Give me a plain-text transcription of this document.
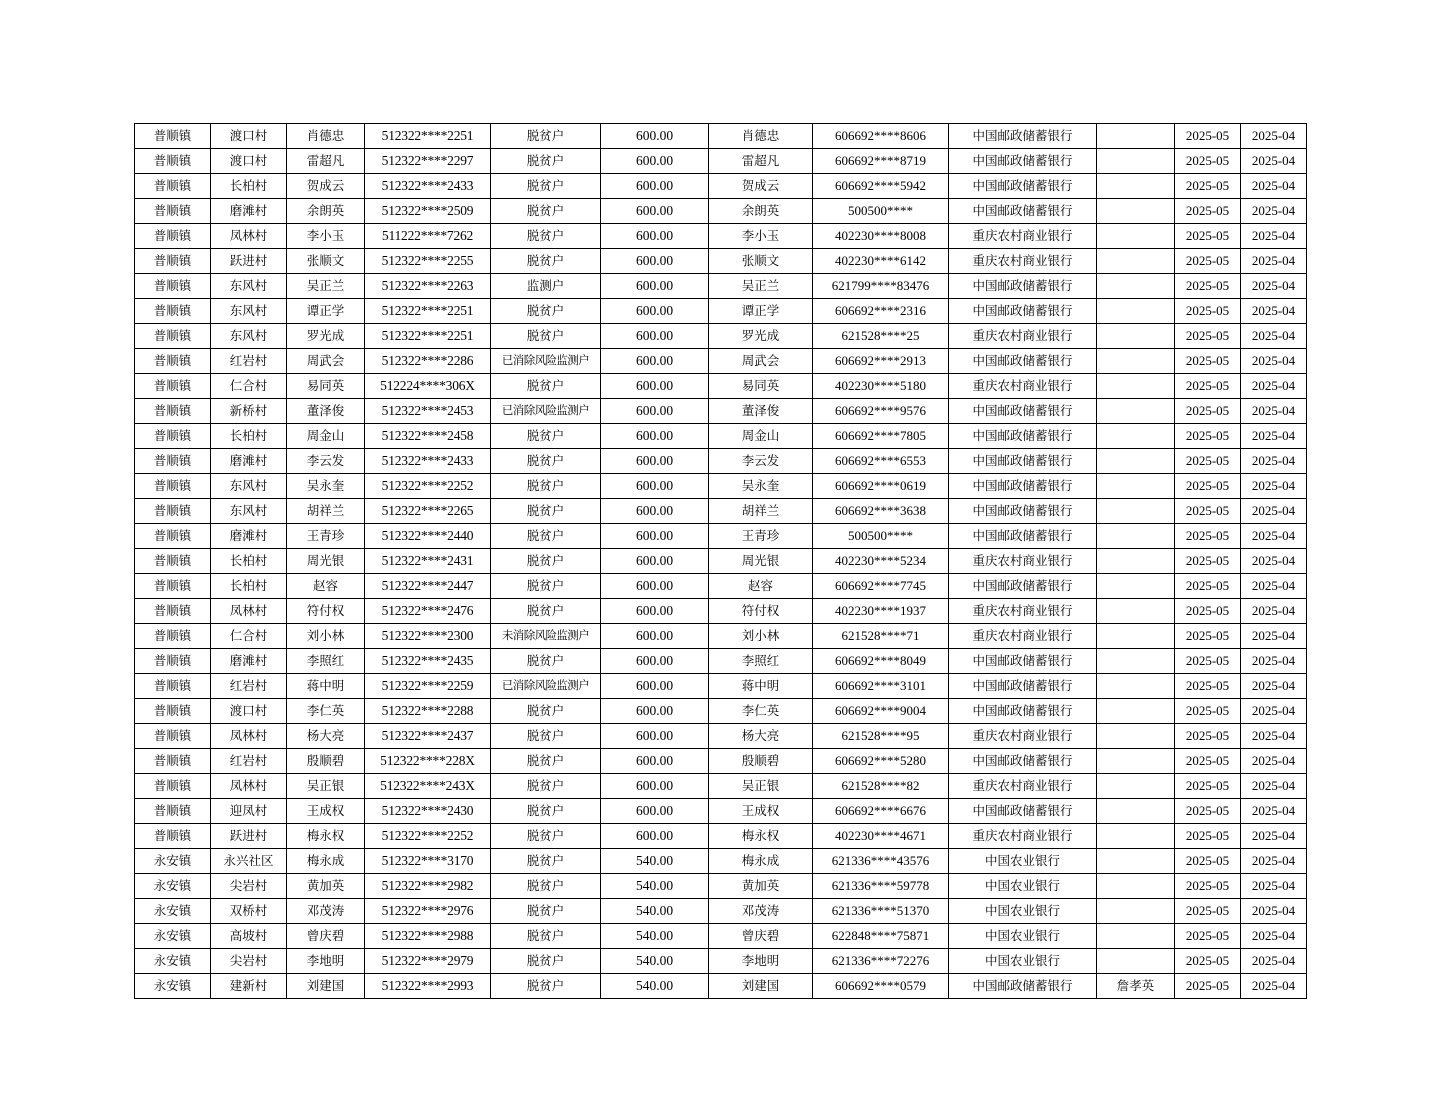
普顺镇	渡口村	肖德忠	512322****2251	脱贫户	600.00	肖德忠	606692****8606	中国邮政储蓄银行		2025-05	2025-04
普顺镇	渡口村	雷超凡	512322****2297	脱贫户	600.00	雷超凡	606692****8719	中国邮政储蓄银行		2025-05	2025-04
普顺镇	长柏村	贺成云	512322****2433	脱贫户	600.00	贺成云	606692****5942	中国邮政储蓄银行		2025-05	2025-04
普顺镇	磨滩村	余朗英	512322****2509	脱贫户	600.00	余朗英	500500****	中国邮政储蓄银行		2025-05	2025-04
普顺镇	凤林村	李小玉	511222****7262	脱贫户	600.00	李小玉	402230****8008	重庆农村商业银行		2025-05	2025-04
普顺镇	跃进村	张顺文	512322****2255	脱贫户	600.00	张顺文	402230****6142	重庆农村商业银行		2025-05	2025-04
普顺镇	东风村	吴正兰	512322****2263	监测户	600.00	吴正兰	621799****83476	中国邮政储蓄银行		2025-05	2025-04
普顺镇	东风村	谭正学	512322****2251	脱贫户	600.00	谭正学	606692****2316	中国邮政储蓄银行		2025-05	2025-04
普顺镇	东风村	罗光成	512322****2251	脱贫户	600.00	罗光成	621528****25	重庆农村商业银行		2025-05	2025-04
普顺镇	红岩村	周武会	512322****2286	已消除风险监测户	600.00	周武会	606692****2913	中国邮政储蓄银行		2025-05	2025-04
普顺镇	仁合村	易同英	512224****306X	脱贫户	600.00	易同英	402230****5180	重庆农村商业银行		2025-05	2025-04
普顺镇	新桥村	董泽俊	512322****2453	已消除风险监测户	600.00	董泽俊	606692****9576	中国邮政储蓄银行		2025-05	2025-04
普顺镇	长柏村	周金山	512322****2458	脱贫户	600.00	周金山	606692****7805	中国邮政储蓄银行		2025-05	2025-04
普顺镇	磨滩村	李云发	512322****2433	脱贫户	600.00	李云发	606692****6553	中国邮政储蓄银行		2025-05	2025-04
普顺镇	东风村	吴永奎	512322****2252	脱贫户	600.00	吴永奎	606692****0619	中国邮政储蓄银行		2025-05	2025-04
普顺镇	东风村	胡祥兰	512322****2265	脱贫户	600.00	胡祥兰	606692****3638	中国邮政储蓄银行		2025-05	2025-04
普顺镇	磨滩村	王青珍	512322****2440	脱贫户	600.00	王青珍	500500****	中国邮政储蓄银行		2025-05	2025-04
普顺镇	长柏村	周光银	512322****2431	脱贫户	600.00	周光银	402230****5234	重庆农村商业银行		2025-05	2025-04
普顺镇	长柏村	赵容	512322****2447	脱贫户	600.00	赵容	606692****7745	中国邮政储蓄银行		2025-05	2025-04
普顺镇	凤林村	符付权	512322****2476	脱贫户	600.00	符付权	402230****1937	重庆农村商业银行		2025-05	2025-04
普顺镇	仁合村	刘小林	512322****2300	未消除风险监测户	600.00	刘小林	621528****71	重庆农村商业银行		2025-05	2025-04
普顺镇	磨滩村	李照红	512322****2435	脱贫户	600.00	李照红	606692****8049	中国邮政储蓄银行		2025-05	2025-04
普顺镇	红岩村	蒋中明	512322****2259	已消除风险监测户	600.00	蒋中明	606692****3101	中国邮政储蓄银行		2025-05	2025-04
普顺镇	渡口村	李仁英	512322****2288	脱贫户	600.00	李仁英	606692****9004	中国邮政储蓄银行		2025-05	2025-04
普顺镇	凤林村	杨大亮	512322****2437	脱贫户	600.00	杨大亮	621528****95	重庆农村商业银行		2025-05	2025-04
普顺镇	红岩村	殷顺碧	512322****228X	脱贫户	600.00	殷顺碧	606692****5280	中国邮政储蓄银行		2025-05	2025-04
普顺镇	凤林村	吴正银	512322****243X	脱贫户	600.00	吴正银	621528****82	重庆农村商业银行		2025-05	2025-04
普顺镇	迎凤村	王成权	512322****2430	脱贫户	600.00	王成权	606692****6676	中国邮政储蓄银行		2025-05	2025-04
普顺镇	跃进村	梅永权	512322****2252	脱贫户	600.00	梅永权	402230****4671	重庆农村商业银行		2025-05	2025-04
永安镇	永兴社区	梅永成	512322****3170	脱贫户	540.00	梅永成	621336****43576	中国农业银行		2025-05	2025-04
永安镇	尖岩村	黄加英	512322****2982	脱贫户	540.00	黄加英	621336****59778	中国农业银行		2025-05	2025-04
永安镇	双桥村	邓茂涛	512322****2976	脱贫户	540.00	邓茂涛	621336****51370	中国农业银行		2025-05	2025-04
永安镇	高坡村	曾庆碧	512322****2988	脱贫户	540.00	曾庆碧	622848****75871	中国农业银行		2025-05	2025-04
永安镇	尖岩村	李地明	512322****2979	脱贫户	540.00	李地明	621336****72276	中国农业银行		2025-05	2025-04
永安镇	建新村	刘建国	512322****2993	脱贫户	540.00	刘建国	606692****0579	中国邮政储蓄银行	詹孝英	2025-05	2025-04
